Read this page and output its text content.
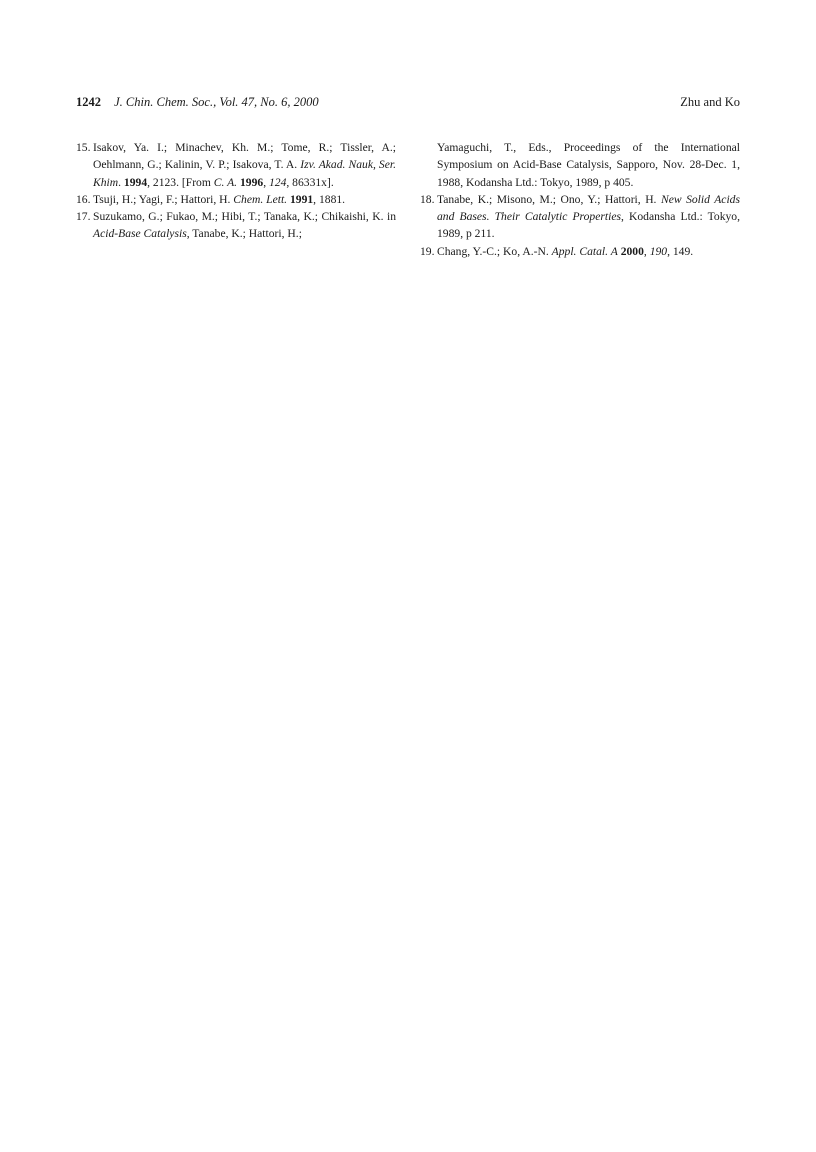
1242 J. Chin. Chem. Soc., Vol. 47, No. 6, 2000	Zhu and Ko

15. Isakov, Ya. I.; Minachev, Kh. M.; Tome, R.; Tissler, A.; Oehlmann, G.; Kalinin, V. P.; Isakova, T. A. Izv. Akad. Nauk, Ser. Khim. 1994, 2123. [From C. A. 1996, 124, 86331x].

16. Tsuji, H.; Yagi, F.; Hattori, H. Chem. Lett. 1991, 1881.

17. Suzukamo, G.; Fukao, M.; Hibi, T.; Tanaka, K.; Chikaishi, K. in Acid-Base Catalysis, Tanabe, K.; Hattori, H.;

Yamaguchi, T., Eds., Proceedings of the International Symposium on Acid-Base Catalysis, Sapporo, Nov. 28-Dec. 1, 1988, Kodansha Ltd.: Tokyo, 1989, p 405.

18. Tanabe, K.; Misono, M.; Ono, Y.; Hattori, H. New Solid Acids and Bases. Their Catalytic Properties, Kodansha Ltd.: Tokyo, 1989, p 211.

19. Chang, Y.-C.; Ko, A.-N. Appl. Catal. A 2000, 190, 149.
